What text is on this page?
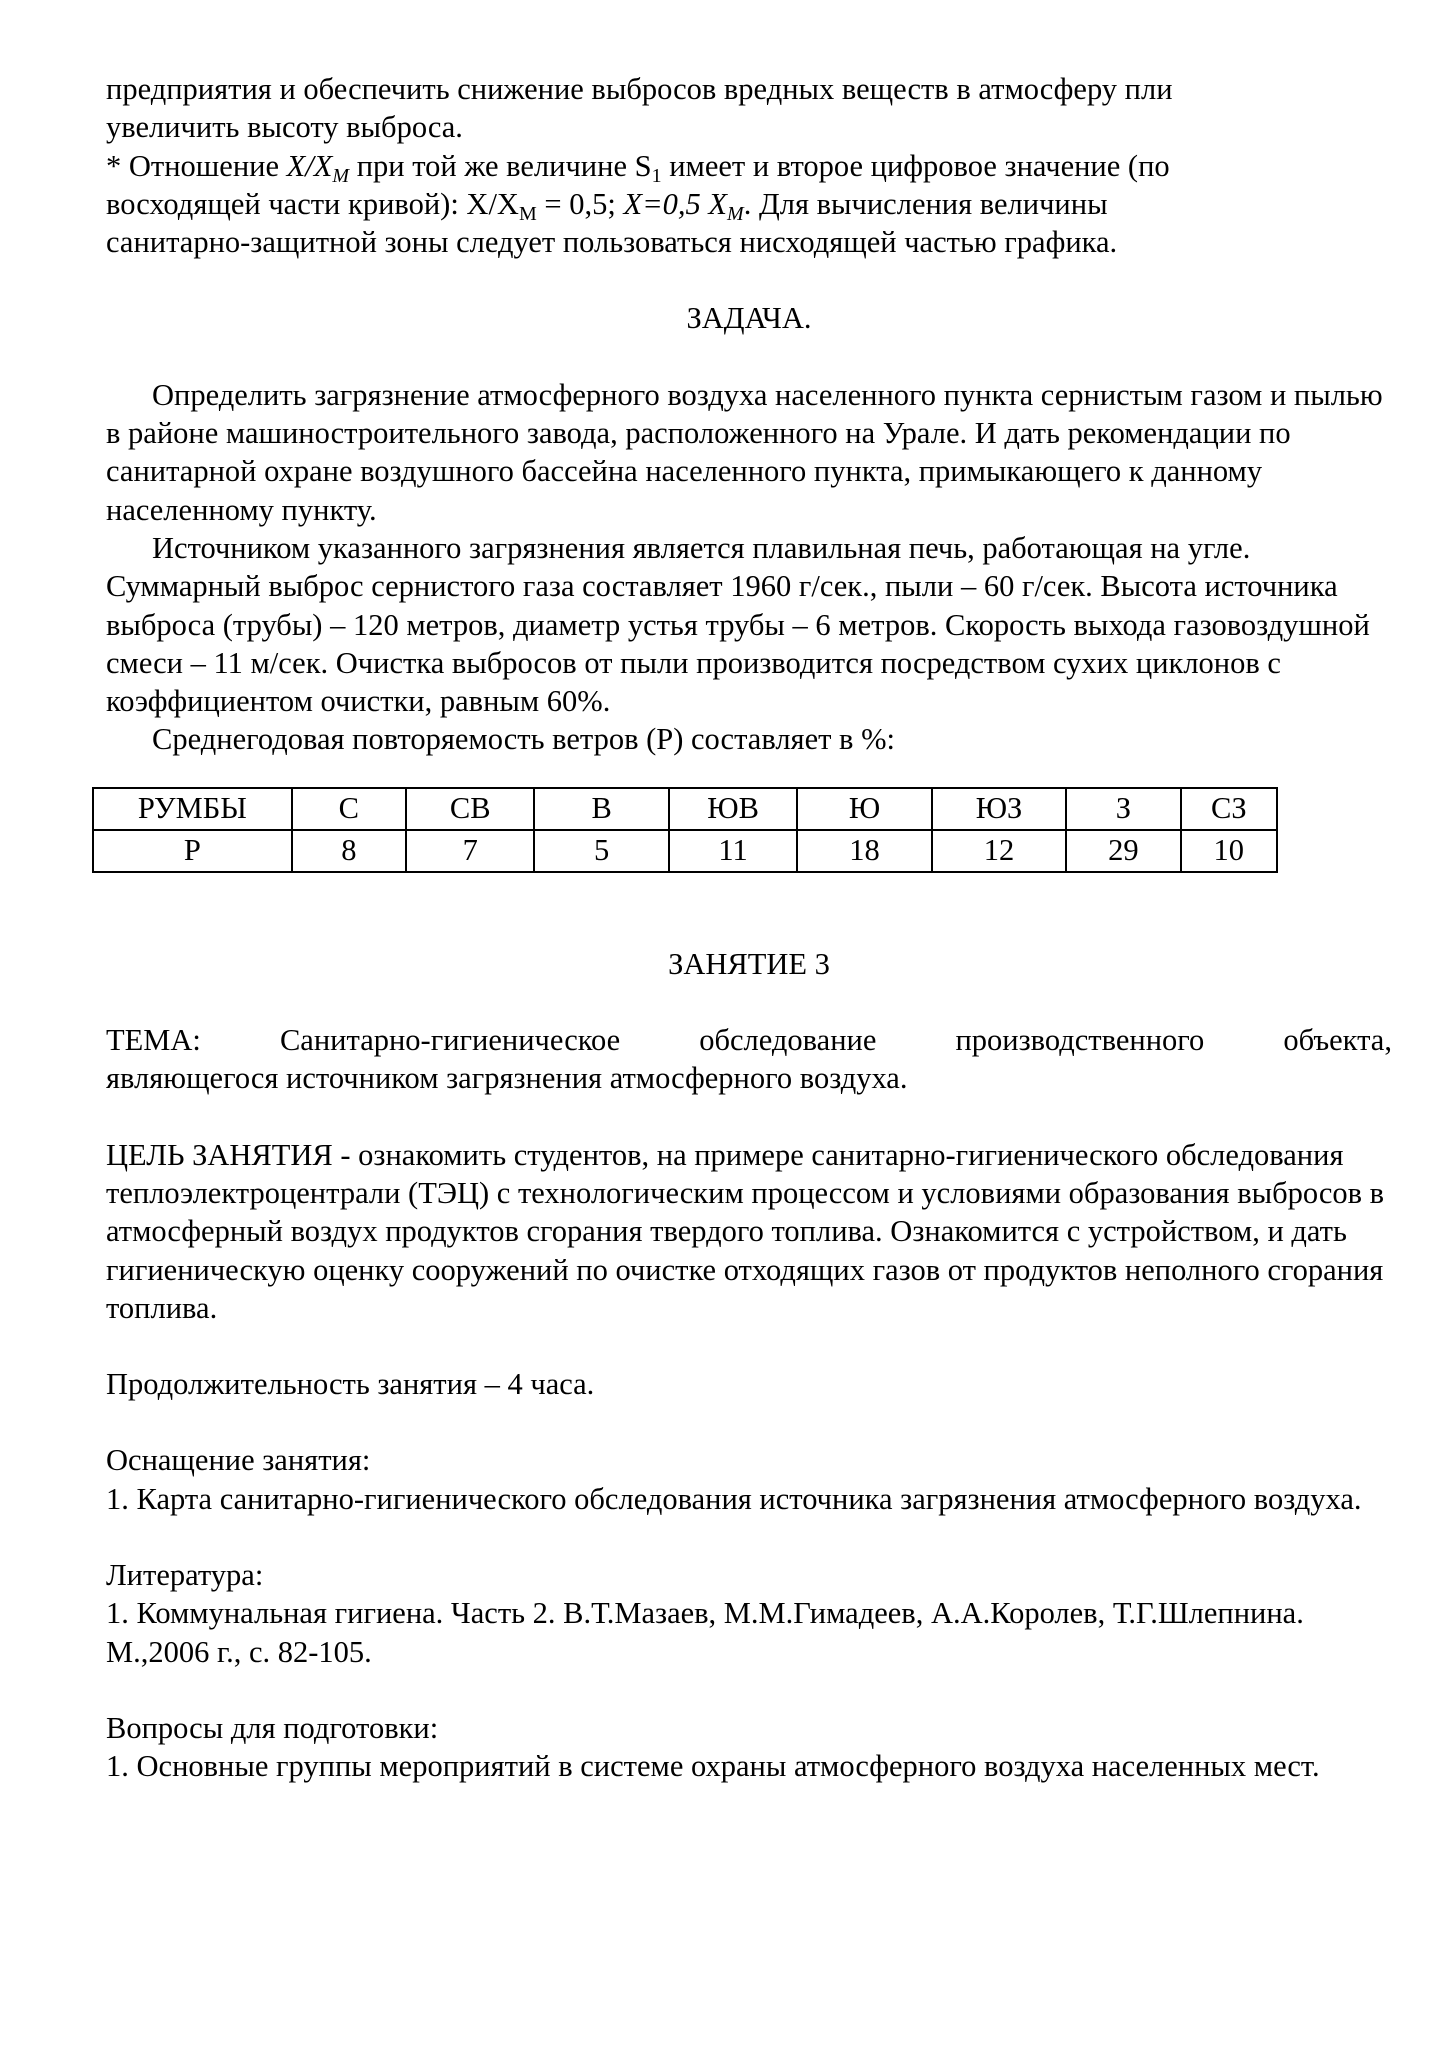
предприятия и обеспечить снижение выбросов вредных веществ в атмосферу пли

увеличить высоту выброса.

* Отношение $X/X_M$ при той же величине $S_1$ имеет и второе цифровое значение (по

восходящей части кривой): $X/X_М = 0,5$; X=0,5 $X_M$. Для вычисления величины

санитарно-защитной зоны следует пользоваться нисходящей частью графика.

ЗАДАЧА.

Определить загрязнение атмосферного воздуха населенного пункта сернистым газом и пылью в районе машиностроительного завода, расположенного на Урале. И дать рекомендации по санитарной охране воздушного бассейна населенного пункта, примыкающего к данному населенному пункту.

Источником указанного загрязнения является плавильная печь, работающая на угле. Суммарный выброс сернистого газа составляет 1960 г/сек., пыли – 60 г/сек. Высота источника выброса (трубы) – 120 метров, диаметр устья трубы – 6 метров. Скорость выхода газовоздушной смеси – 11 м/сек. Очистка выбросов от пыли производится посредством сухих циклонов с коэффициентом очистки, равным 60%.

Среднегодовая повторяемость ветров (Р) составляет в %:

РУМБЫ	С	СВ	В	ЮВ	Ю	ЮЗ	З	СЗ
Р	8	7	5	11	18	12	29	10

ЗАНЯТИЕ 3

ТЕМА:	Санитарно-гигиеническое	обследование	производственного	объекта,

являющегося источником загрязнения атмосферного воздуха.

ЦЕЛЬ ЗАНЯТИЯ - ознакомить студентов, на примере санитарно-гигиенического обследования теплоэлектроцентрали (ТЭЦ) с технологическим процессом и условиями образования выбросов в атмосферный воздух продуктов сгорания твердого топлива. Ознакомится с устройством, и дать гигиеническую оценку сооружений по очистке отходящих газов от продуктов неполного сгорания топлива.

Продолжительность занятия – 4 часа.

Оснащение занятия:

1. Карта санитарно-гигиенического обследования источника загрязнения атмосферного воздуха.

Литература:

1. Коммунальная гигиена. Часть 2. В.Т.Мазаев, М.М.Гимадеев, А.А.Королев, Т.Г.Шлепнина. М.,2006 г., с. 82-105.

Вопросы для подготовки:

1. Основные группы мероприятий в системе охраны атмосферного воздуха населенных мест.
